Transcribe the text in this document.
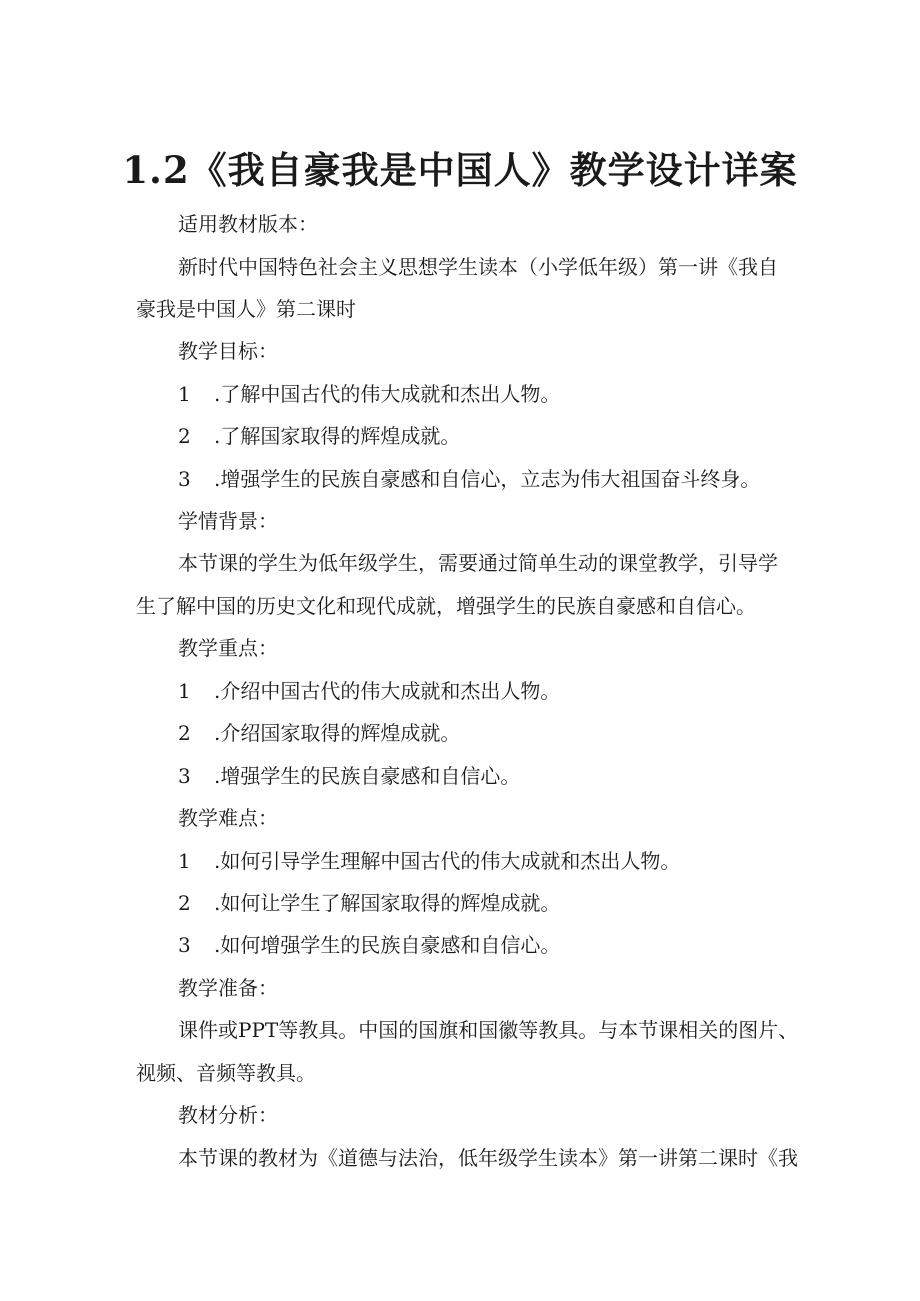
1.2《我自豪我是中国人》教学设计详案
适用教材版本：
新时代中国特色社会主义思想学生读本（小学低年级）第一讲《我自
豪我是中国人》第二课时
教学目标：
1 .了解中国古代的伟大成就和杰出人物。
2 .了解国家取得的辉煌成就。
3 .增强学生的民族自豪感和自信心，立志为伟大祖国奋斗终身。
学情背景：
本节课的学生为低年级学生，需要通过简单生动的课堂教学，引导学
生了解中国的历史文化和现代成就，增强学生的民族自豪感和自信心。
教学重点：
1 .介绍中国古代的伟大成就和杰出人物。
2 .介绍国家取得的辉煌成就。
3 .增强学生的民族自豪感和自信心。
教学难点：
1 .如何引导学生理解中国古代的伟大成就和杰出人物。
2 .如何让学生了解国家取得的辉煌成就。
3 .如何增强学生的民族自豪感和自信心。
教学准备：
课件或PPT等教具。中国的国旗和国徽等教具。与本节课相关的图片、
视频、音频等教具。
教材分析：
本节课的教材为《道德与法治，低年级学生读本》第一讲第二课时《我
